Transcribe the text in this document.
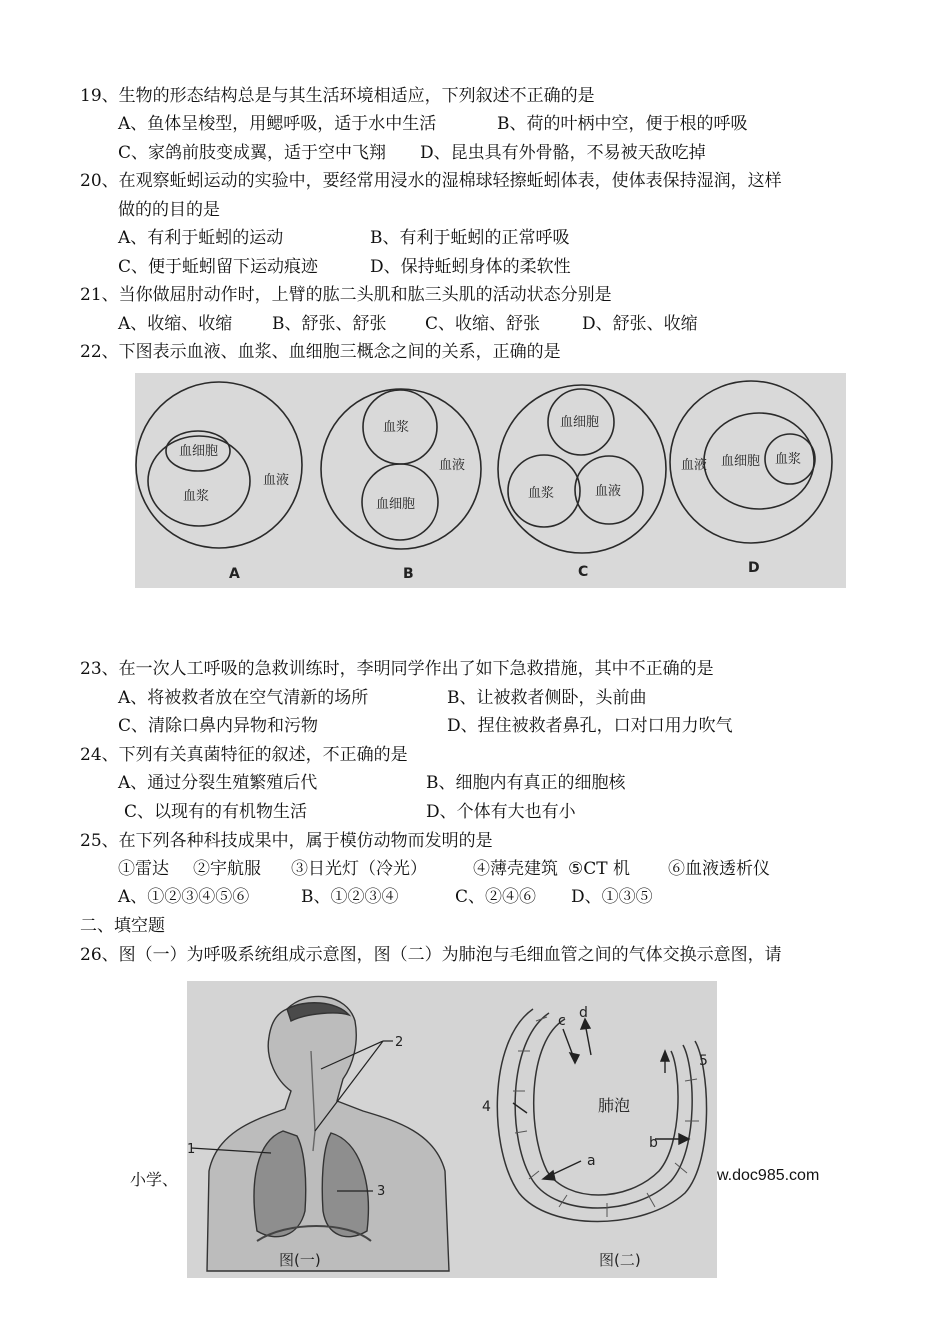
19、生物的形态结构总是与其生活环境相适应，下列叙述不正确的是
A、鱼体呈梭型，用鳃呼吸，适于水中生活	B、荷的叶柄中空，便于根的呼吸
C、家鸽前肢变成翼，适于空中飞翔 D、昆虫具有外骨骼，不易被天敌吃掉
20、在观察蚯蚓运动的实验中，要经常用浸水的湿棉球轻擦蚯蚓体表，使体表保持湿润，这样
做的的目的是
A、有利于蚯蚓的运动	B、有利于蚯蚓的正常呼吸
C、便于蚯蚓留下运动痕迹	D、保持蚯蚓身体的柔软性
21、当你做屈肘动作时，上臂的肱二头肌和肱三头肌的活动状态分别是
A、收缩、收缩 B、舒张、舒张 C、收缩、舒张 D、舒张、收缩
22、下图表示血液、血浆、血细胞三概念之间的关系，正确的是
血细胞
血浆
血液
血浆
血液
血细胞
血细胞
血浆	血液
血液 血细胞 血浆
A	B	C	D
23、在一次人工呼吸的急救训练时，李明同学作出了如下急救措施，其中不正确的是
A、将被救者放在空气清新的场所	B、让被救者侧卧，头前曲
C、清除口鼻内异物和污物	D、捏住被救者鼻孔，口对口用力吹气
24、下列有关真菌特征的叙述，不正确的是
A、通过分裂生殖繁殖后代	B、细胞内有真正的细胞核
C、以现有的有机物生活	D、个体有大也有小
25、在下列各种科技成果中，属于模仿动物而发明的是
①雷达 ②宇航服 ③日光灯（冷光）	④薄壳建筑 ⑤CT 机 ⑥血液透析仪
A、①②③④⑤⑥	B、①②③④	C、②④⑥ D、①③⑤
二、填空题
26、图（一）为呼吸系统组成示意图，图（二）为肺泡与毛细血管之间的气体交换示意图，请
2
1
3
图(一)
c d
5
4	肺泡
b
a
图(二)
小学、	w.doc985.com
